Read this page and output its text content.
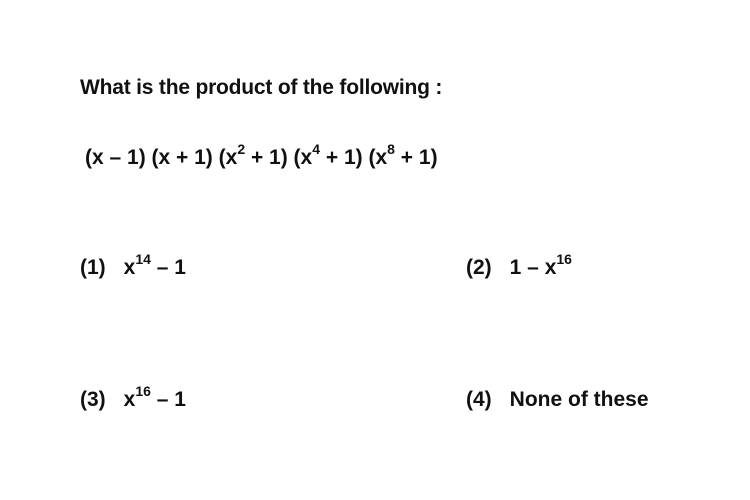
What is the product of the following :
(x – 1) (x + 1) $(x^2 + 1) (x^4 + 1) (x^8 + 1)$
(1) $x^{14} - 1$	(2) $1 - x^{16}$
(3) $x^{16} - 1$	(4) None of these
